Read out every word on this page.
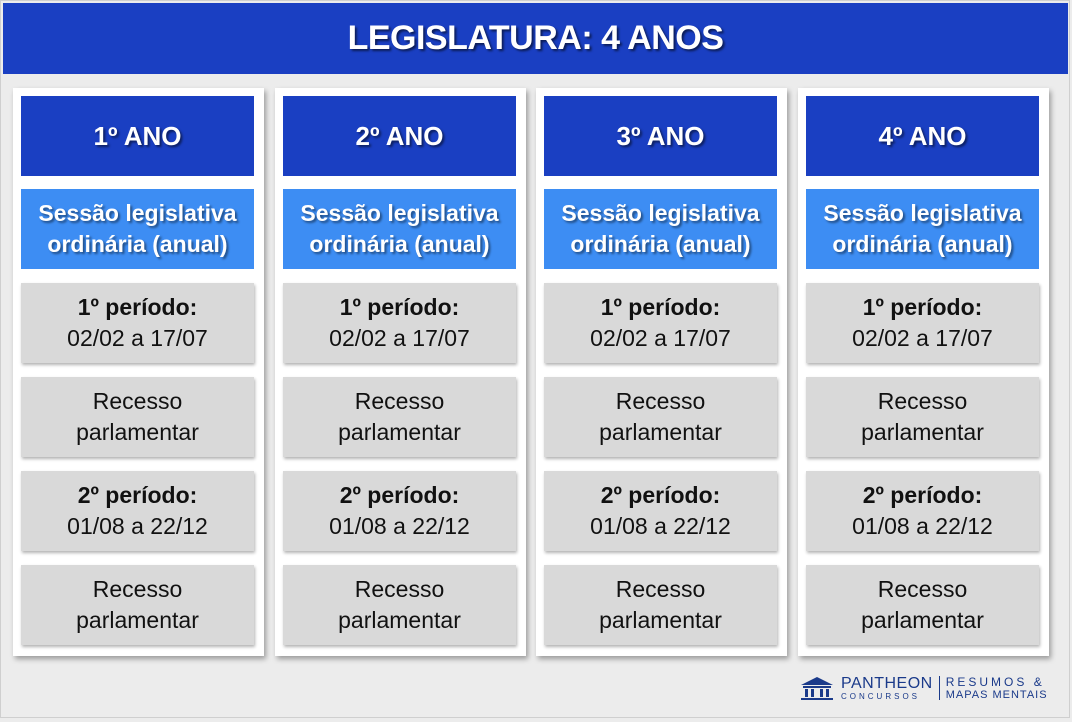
LEGISLATURA: 4 ANOS
1º ANO
Sessão legislativa
ordinária (anual)
1º período:
02/02 a 17/07
Recesso
parlamentar
2º período:
01/08 a 22/12
Recesso
parlamentar
2º ANO
Sessão legislativa
ordinária (anual)
1º período:
02/02 a 17/07
Recesso
parlamentar
2º período:
01/08 a 22/12
Recesso
parlamentar
3º ANO
Sessão legislativa
ordinária (anual)
1º período:
02/02 a 17/07
Recesso
parlamentar
2º período:
01/08 a 22/12
Recesso
parlamentar
4º ANO
Sessão legislativa
ordinária (anual)
1º período:
02/02 a 17/07
Recesso
parlamentar
2º período:
01/08 a 22/12
Recesso
parlamentar
PANTHEON
CONCURSOS
RESUMOS &
MAPAS MENTAIS
